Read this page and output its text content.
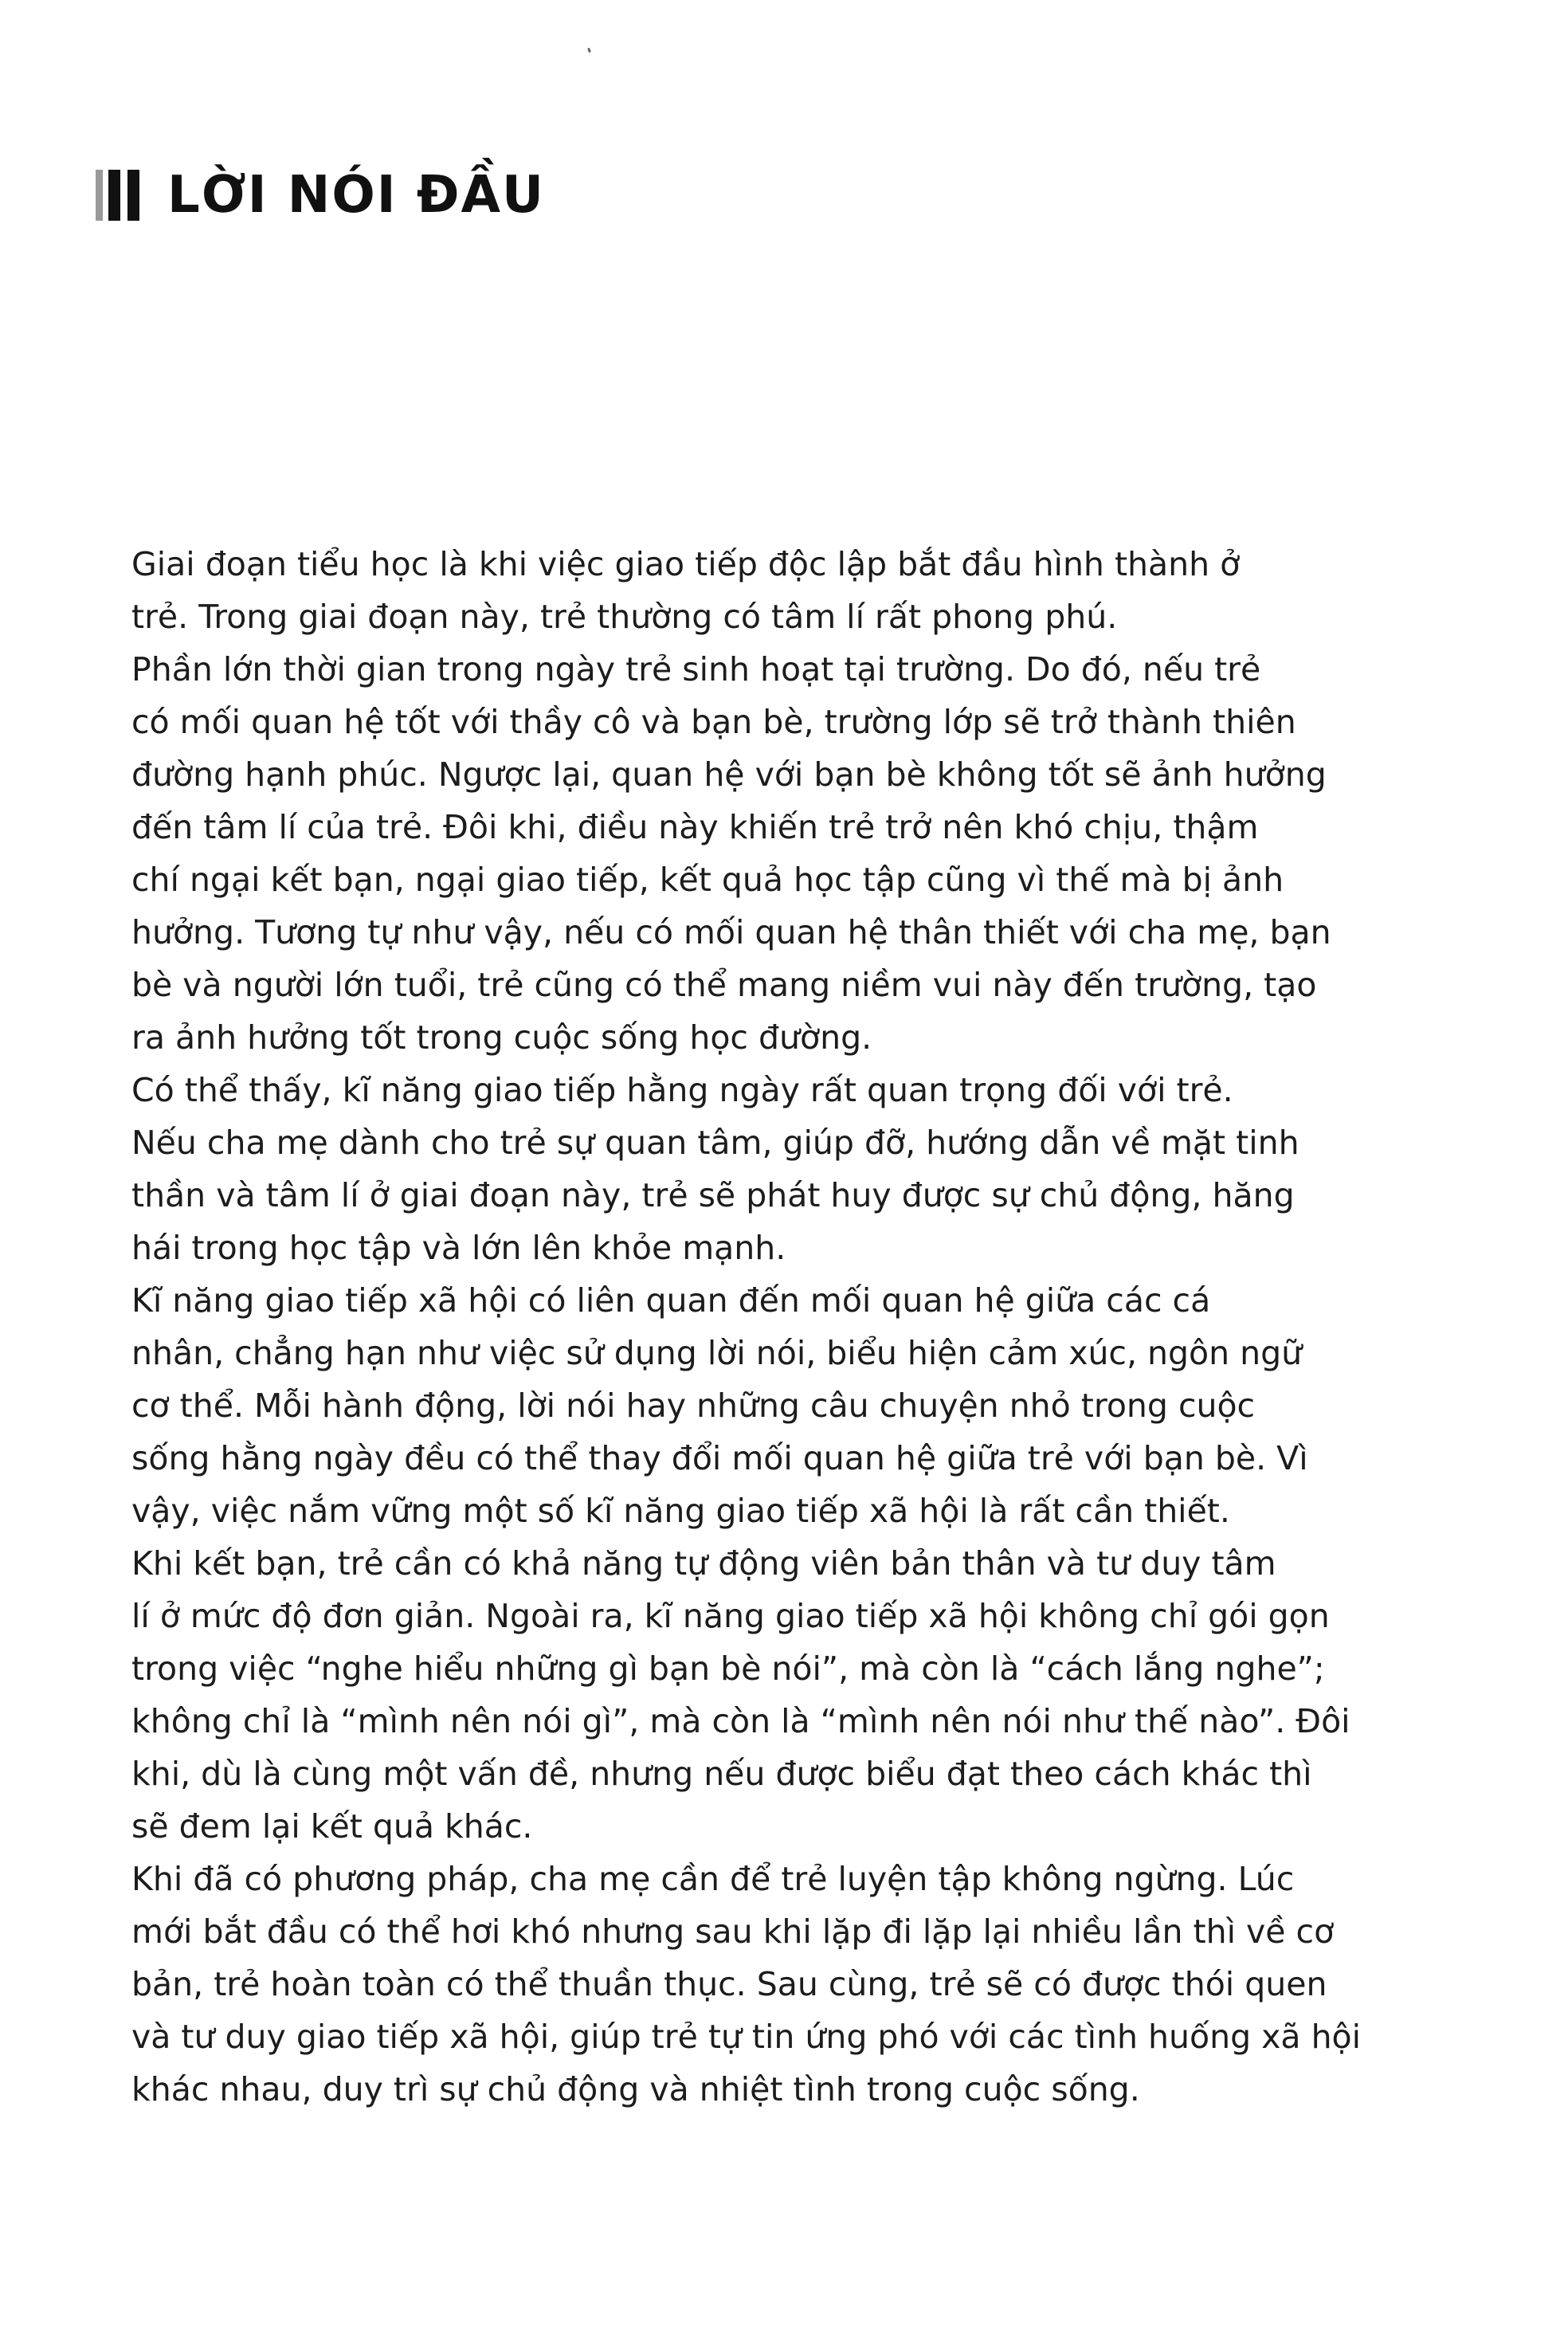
LỜI NÓI ĐẦU
Giai đoạn tiểu học là khi việc giao tiếp độc lập bắt đầu hình thành ở
trẻ. Trong giai đoạn này, trẻ thường có tâm lí rất phong phú.
Phần lớn thời gian trong ngày trẻ sinh hoạt tại trường. Do đó, nếu trẻ
có mối quan hệ tốt với thầy cô và bạn bè, trường lớp sẽ trở thành thiên
đường hạnh phúc. Ngược lại, quan hệ với bạn bè không tốt sẽ ảnh hưởng
đến tâm lí của trẻ. Đôi khi, điều này khiến trẻ trở nên khó chịu, thậm
chí ngại kết bạn, ngại giao tiếp, kết quả học tập cũng vì thế mà bị ảnh
hưởng. Tương tự như vậy, nếu có mối quan hệ thân thiết với cha mẹ, bạn
bè và người lớn tuổi, trẻ cũng có thể mang niềm vui này đến trường, tạo
ra ảnh hưởng tốt trong cuộc sống học đường.
Có thể thấy, kĩ năng giao tiếp hằng ngày rất quan trọng đối với trẻ.
Nếu cha mẹ dành cho trẻ sự quan tâm, giúp đỡ, hướng dẫn về mặt tinh
thần và tâm lí ở giai đoạn này, trẻ sẽ phát huy được sự chủ động, hăng
hái trong học tập và lớn lên khỏe mạnh.
Kĩ năng giao tiếp xã hội có liên quan đến mối quan hệ giữa các cá
nhân, chẳng hạn như việc sử dụng lời nói, biểu hiện cảm xúc, ngôn ngữ
cơ thể. Mỗi hành động, lời nói hay những câu chuyện nhỏ trong cuộc
sống hằng ngày đều có thể thay đổi mối quan hệ giữa trẻ với bạn bè. Vì
vậy, việc nắm vững một số kĩ năng giao tiếp xã hội là rất cần thiết.
Khi kết bạn, trẻ cần có khả năng tự động viên bản thân và tư duy tâm
lí ở mức độ đơn giản. Ngoài ra, kĩ năng giao tiếp xã hội không chỉ gói gọn
trong việc “nghe hiểu những gì bạn bè nói”, mà còn là “cách lắng nghe”;
không chỉ là “mình nên nói gì”, mà còn là “mình nên nói như thế nào”. Đôi
khi, dù là cùng một vấn đề, nhưng nếu được biểu đạt theo cách khác thì
sẽ đem lại kết quả khác.
Khi đã có phương pháp, cha mẹ cần để trẻ luyện tập không ngừng. Lúc
mới bắt đầu có thể hơi khó nhưng sau khi lặp đi lặp lại nhiều lần thì về cơ
bản, trẻ hoàn toàn có thể thuần thục. Sau cùng, trẻ sẽ có được thói quen
và tư duy giao tiếp xã hội, giúp trẻ tự tin ứng phó với các tình huống xã hội
khác nhau, duy trì sự chủ động và nhiệt tình trong cuộc sống.
